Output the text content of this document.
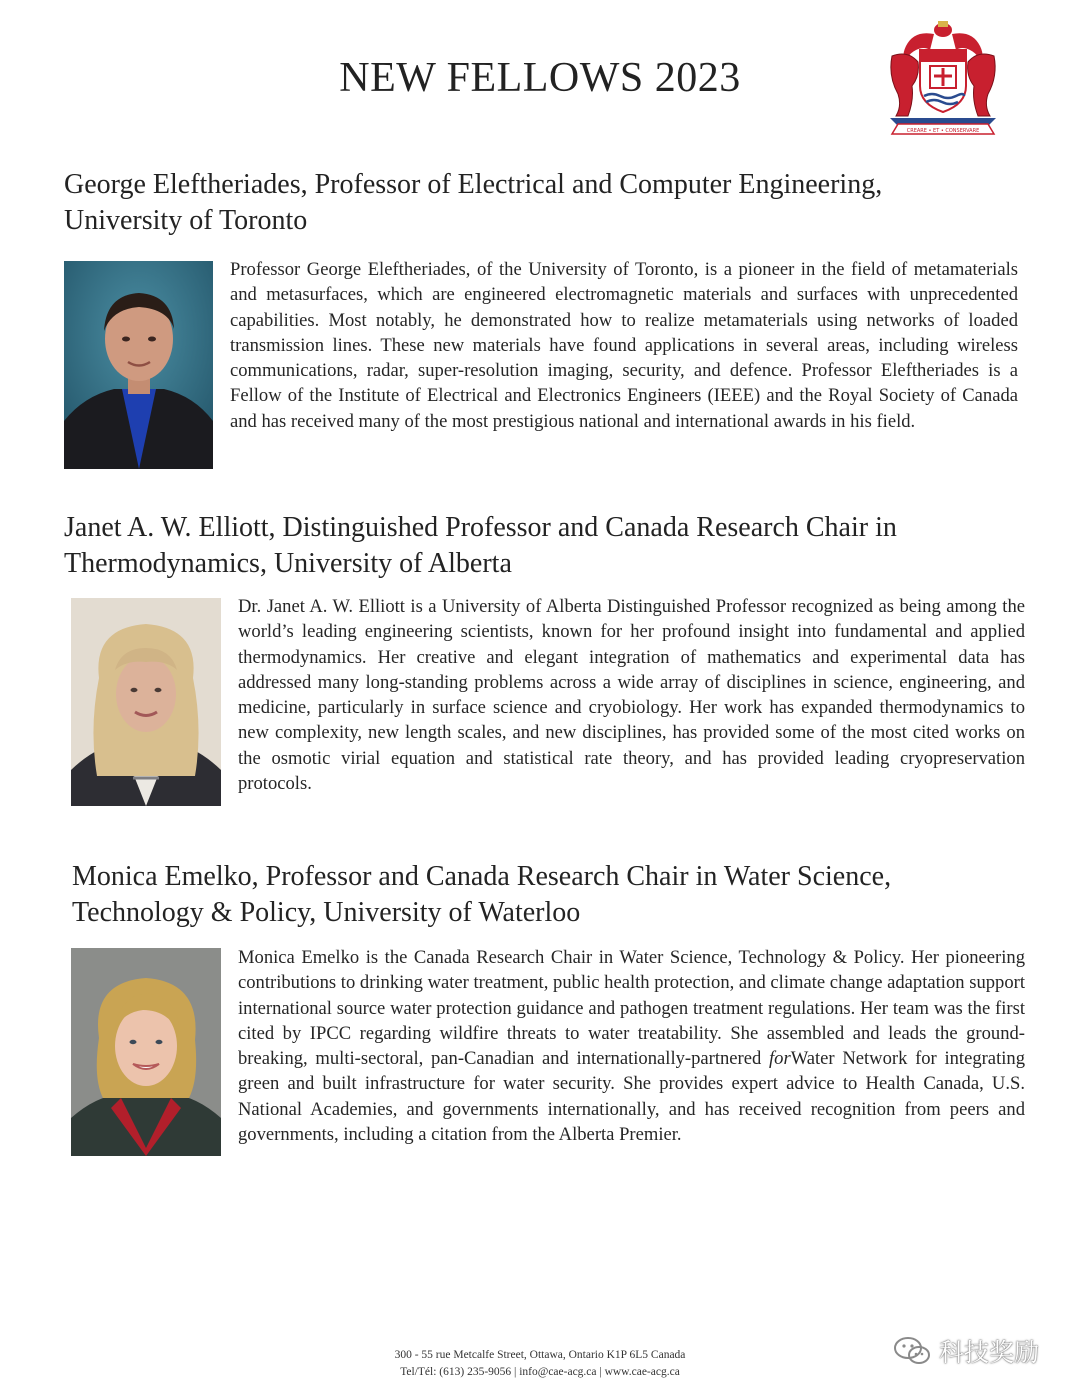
NEW FELLOWS 2023
CREARE • ET • CONSERVARE
George Eleftheriades, Professor of Electrical and Computer Engineering,
University of Toronto
Professor George Eleftheriades, of the University of Toronto, is a pioneer in the field of metamaterials and metasurfaces, which are engineered electromagnetic materials and surfaces with unprecedented capabilities. Most notably, he demonstrated how to realize metamaterials using networks of loaded transmission lines. These new materials have found applications in several areas, including wireless communications, radar, super-resolution imaging, security, and defence. Professor Eleftheriades is a Fellow of the Institute of Electrical and Electronics Engineers (IEEE) and the Royal Society of Canada and has received many of the most prestigious national and international awards in his field.
Janet A. W. Elliott, Distinguished Professor and Canada Research Chair in
Thermodynamics, University of Alberta
Dr. Janet A. W. Elliott is a University of Alberta Distinguished Professor recognized as being among the world’s leading engineering scientists, known for her profound insight into fundamental and applied thermodynamics. Her creative and elegant integration of mathematics and experimental data has addressed many long-standing problems across a wide array of disciplines in science, engineering, and medicine, particularly in surface science and cryobiology. Her work has expanded thermodynamics to new complexity, new length scales, and new disciplines, has provided some of the most cited works on the osmotic virial equation and statistical rate theory, and has provided leading cryopreservation protocols.
Monica Emelko, Professor and Canada Research Chair in Water Science,
Technology & Policy, University of Waterloo
Monica Emelko is the Canada Research Chair in Water Science, Technology & Policy. Her pioneering contributions to drinking water treatment, public health protection, and climate change adaptation support international source water protection guidance and pathogen treatment regulations. Her team was the first cited by IPCC regarding wildfire threats to water treatability. She assembled and leads the ground-breaking, multi-sectoral, pan-Canadian and internationally-partnered forWater Network for integrating green and built infrastructure for water security. She provides expert advice to Health Canada, U.S. National Academies, and governments internationally, and has received recognition from peers and governments, including a citation from the Alberta Premier.
300 - 55 rue Metcalfe Street, Ottawa, Ontario K1P 6L5 Canada
Tel/Tél: (613) 235-9056 | info@cae-acg.ca | www.cae-acg.ca
科技奖励
